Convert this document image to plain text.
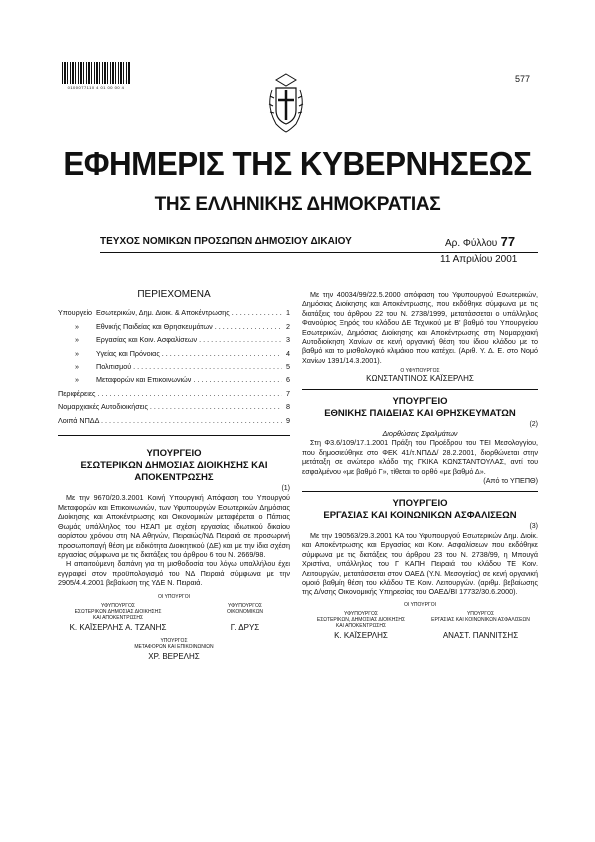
0100077110 4 01 00 00 4
577
ΕΦΗΜΕΡΙΣ ΤΗΣ ΚΥΒΕΡΝΗΣΕΩΣ
ΤΗΣ ΕΛΛΗΝΙΚΗΣ ΔΗΜΟΚΡΑΤΙΑΣ
ΤΕΥΧΟΣ ΝΟΜΙΚΩΝ ΠΡΟΣΩΠΩΝ ΔΗΜΟΣΙΟΥ ΔΙΚΑΙΟΥ	Αρ. Φύλλου 77
11 Απριλίου 2001
ΠΕΡΙΕΧΟΜΕΝΑ
Υπουργείο Εσωτερικών, Δημ. Διοικ. & Αποκέντρωσης . . .	1
»	Εθνικής Παιδείας και Θρησκευμάτων . . .	2
»	Εργασίας και Κοιν. Ασφαλίσεων . . .	3
»	Υγείας και Πρόνοιας . . .	4
»	Πολιτισμού . . .	5
»	Μεταφορών και Επικοινωνιών . . .	6
Περιφέρειες . . .	7
Νομαρχιακές Αυτοδιοικήσεις . . .	8
Λοιπά ΝΠΔΔ . . .	9
ΥΠΟΥΡΓΕΙΟ
ΕΣΩΤΕΡΙΚΩΝ ΔΗΜΟΣΙΑΣ ΔΙΟΙΚΗΣΗΣ ΚΑΙ
ΑΠΟΚΕΝΤΡΩΣΗΣ
(1)

Με την 9670/20.3.2001 Κοινή Υπουργική Απόφαση του Υπουργού Μεταφορών και Επικοινωνιών, των Υφυπουργών Εσωτερικών Δημόσιας Διοίκησης και Αποκέντρωσης και Οικονομικών μεταφέρεται ο Πάπιας Θωμάς υπάλληλος του ΗΣΑΠ με σχέση εργασίας ιδιωτικού δικαίου αορίστου χρόνου στη ΝΑ Αθηνών, Πειραιώς/ΝΔ Πειραιά σε προσωρινή προσωποπαγή θέση με ειδικότητα Διοικητικού (ΔΕ) και με την ίδια σχέση εργασίας σύμφωνα με τις διατάξεις του άρθρου 6 του Ν. 2669/98.

Η απαιτούμενη δαπάνη για τη μισθοδοσία του λόγω υπαλλήλου έχει εγγραφεί στον προϋπολογισμό του ΝΔ Πειραιά σύμφωνα με την 2905/4.4.2001 βεβαίωση της ΥΔΕ Ν. Πειραιά.

ΟΙ ΥΠΟΥΡΓΟΙ
ΥΦΥΠΟΥΡΓΟΣ
ΕΣΩΤΕΡΙΚΩΝ ΔΗΜΟΣΙΑΣ ΔΙΟΙΚΗΣΗΣ
ΚΑΙ ΑΠΟΚΕΝΤΡΩΣΗΣ
Κ. ΚΑΪΣΕΡΛΗΣ Α. ΤΖΑΝΗΣ
ΥΦΥΠΟΥΡΓΟΣ
ΟΙΚΟΝΟΜΙΚΩΝ

Γ. ΔΡΥΣ
ΥΠΟΥΡΓΟΣ
ΜΕΤΑΦΟΡΩΝ ΚΑΙ ΕΠΙΚΟΙΝΩΝΙΩΝ
ΧΡ. ΒΕΡΕΛΗΣ

Με την 40034/99/22.5.2000 απόφαση του Υφυπουργού Εσωτερικών, Δημόσιας Διοίκησης και Αποκέντρωσης, που εκδόθηκε σύμφωνα με τις διατάξεις του άρθρου 22 του Ν. 2738/1999, μετατάσσεται ο υπάλληλος Φανούριος Ξηρός του κλάδου ΔΕ Τεχνικού με Β' βαθμό του Υπουργείου Εσωτερικών, Δημόσιας Διοίκησης και Αποκέντρωσης στη Νομαρχιακή Αυτοδιοίκηση Χανίων σε κενή οργανική θέση του ίδιου κλάδου με το βαθμό και το μισθολογικό κλιμάκιο που κατέχει. (Αριθ. Υ. Δ. Ε. στο Νομό Χανίων 1391/14.3.2001).

Ο ΥΦΥΠΟΥΡΓΟΣ
ΚΩΝΣΤΑΝΤΙΝΟΣ ΚΑΪΣΕΡΛΗΣ
ΥΠΟΥΡΓΕΙΟ
ΕΘΝΙΚΗΣ ΠΑΙΔΕΙΑΣ ΚΑΙ ΘΡΗΣΚΕΥΜΑΤΩΝ
(2)
Διορθώσεις Σφαλμάτων

Στη Φ3.6/109/17.1.2001 Πράξη του Προέδρου του ΤΕΙ Μεσολογγίου, που δημοσιεύθηκε στο ΦΕΚ 41/τ.ΝΠΔΔ/ 28.2.2001, διορθώνεται στην μετάταξη σε ανώτερο κλάδο της ΓΚΙΚΑ ΚΩΝΣΤΑΝΤΟΥΛΑΣ, αντί του εσφαλμένου «με βαθμό Γ», τίθεται το ορθό «με βαθμό Δ».

(Από το ΥΠΕΠΘ)
ΥΠΟΥΡΓΕΙΟ
ΕΡΓΑΣΙΑΣ ΚΑΙ ΚΟΙΝΩΝΙΚΩΝ ΑΣΦΑΛΙΣΕΩΝ
(3)

Με την 190563/29.3.2001 ΚΑ του Υφυπουργού Εσωτερικών Δημ. Διοίκ. και Αποκέντρωσης και Εργασίας και Κοιν. Ασφαλίσεων που εκδόθηκε σύμφωνα με τις διατάξεις του άρθρου 23 του Ν. 2738/99, η Μπουγά Χριστίνα, υπάλληλος του Γ ΚΑΠΗ Πειραιά του κλάδου ΤΕ Κοιν. Λειτουργών, μετατάσσεται στον ΟΑΕΔ (Υ.Ν. Μεσογείας) σε κενή οργανική ομοιό βαθμίη θέση του κλάδου ΤΕ Κοιν. Λειτουργών. (αριθμ. βεβαίωσης της Δ/νσης Οικονομικής Υπηρεσίας του ΟΑΕΔ/ΒΙ 17732/30.6.2000).

ΟΙ ΥΠΟΥΡΓΟΙ
ΥΦΥΠΟΥΡΓΟΣ
ΕΣΩΤΕΡΙΚΩΝ, ΔΗΜΟΣΙΑΣ ΔΙΟΙΚΗΣΗΣ
ΚΑΙ ΑΠΟΚΕΝΤΡΩΣΗΣ
Κ. ΚΑΪΣΕΡΛΗΣ
ΥΠΟΥΡΓΟΣ
ΕΡΓΑΣΙΑΣ ΚΑΙ ΚΟΙΝΩΝΙΚΩΝ ΑΣΦΑΛΙΣΕΩΝ

ΑΝΑΣΤ. ΠΑΝΝΙΤΣΗΣ
